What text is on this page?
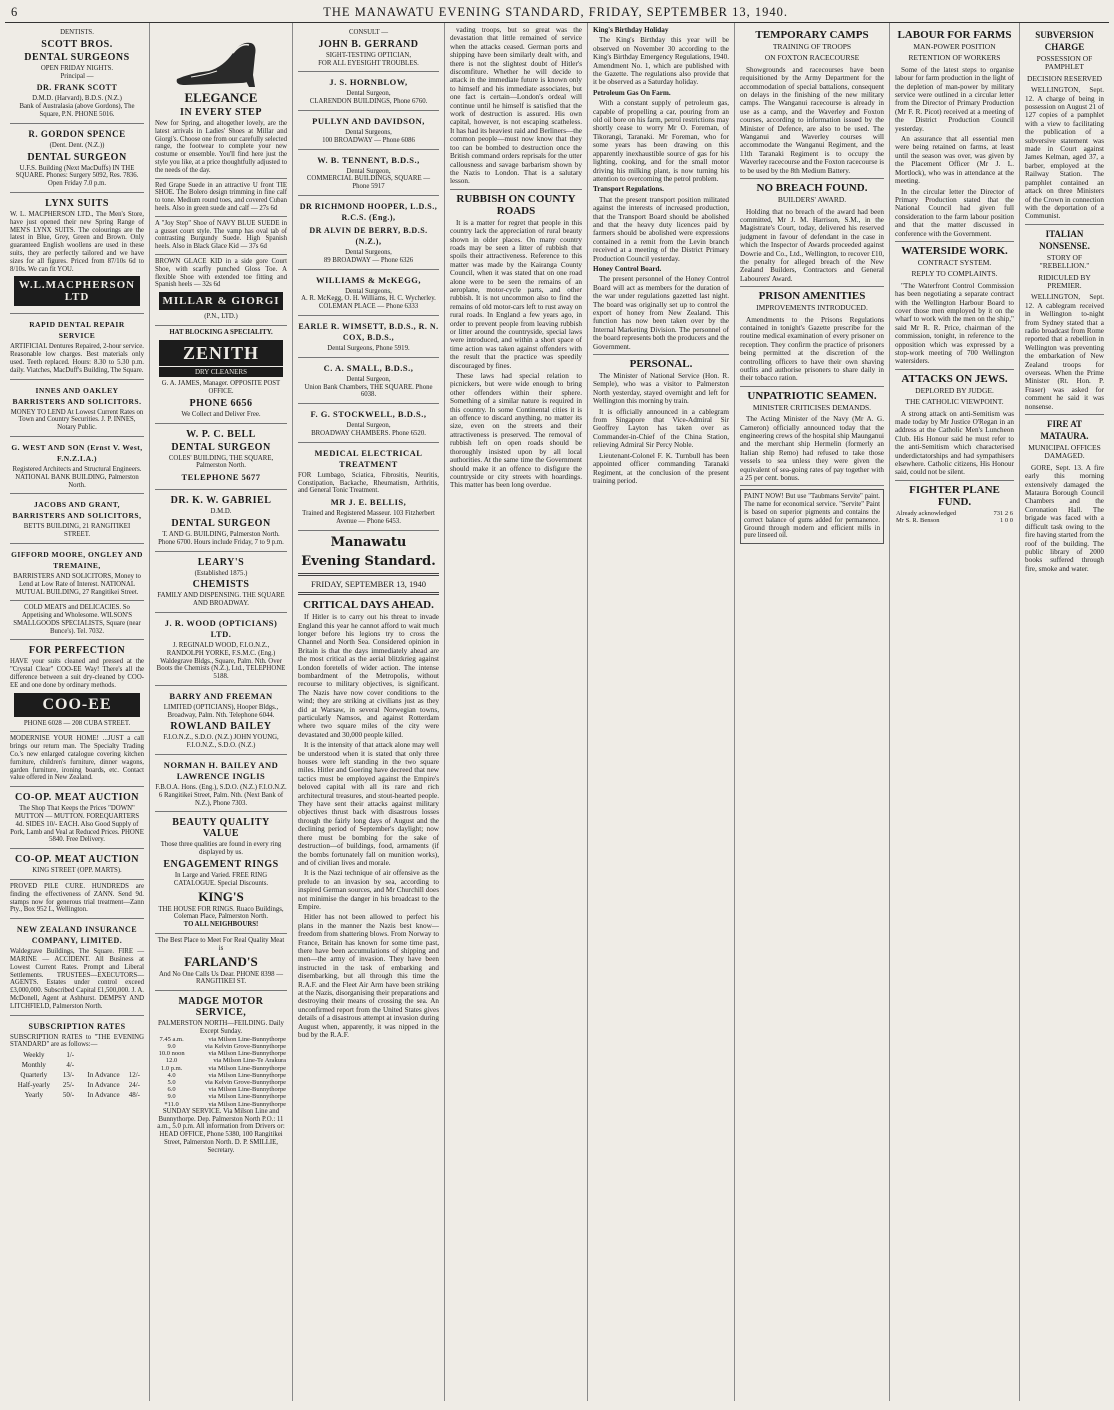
6	THE MANAWATU EVENING STANDARD, FRIDAY, SEPTEMBER 13, 1940.
DENTISTS.
SCOTT BROS.
DENTAL SURGEONS
OPEN FRIDAY NIGHTS.
Principal —
DR. FRANK SCOTT
D.M.D. (Harvard), B.D.S. (N.Z.)
Bank of Australasia (above Gordons), The Square, P.N. PHONE 5016.
R. GORDON SPENCE
(Dent. Dent. (N.Z.))
DENTAL SURGEON
U.F.S. Building (Next MacDuffs) IN THE SQUARE. Phones: Surgery 5092, Res. 7836. Open Friday 7.0 p.m.
LYNX SUITS
W. L. MACPHERSON LTD., The Men's Store, have just opened their new Spring Range of MEN'S LYNX SUITS. The colourings are the latest in Blue, Grey, Green and Brown. Only guaranteed English woollens are used in these suits, they are perfectly tailored and we have sizes for all figures. Priced from 87/10s 6d to 8/10s. We can fit YOU.
W.L.MACPHERSON LTD
RAPID DENTAL REPAIR SERVICE
ARTIFICIAL Dentures Repaired, 2-hour service. Reasonable low charges. Best materials only used. Teeth replaced. Hours: 8.30 to 5.30 p.m. daily. Viatches, MacDuff's Building, The Square.
INNES AND OAKLEY BARRISTERS AND SOLICITORS.
MONEY TO LEND At Lowest Current Rates on Town and Country Securities. J. P. INNES, Notary Public.
G. WEST AND SON (Ernst V. West, F.N.Z.I.A.)
Registered Architects and Structural Engineers. NATIONAL BANK BUILDING, Palmerston North.
JACOBS AND GRANT, BARRISTERS AND SOLICITORS,
BETTS BUILDING, 21 RANGITIKEI STREET.
GIFFORD MOORE, ONGLEY AND TREMAINE,
BARRISTERS AND SOLICITORS, Money to Lend at Low Rate of Interest. NATIONAL MUTUAL BUILDING, 27 Rangitikei Street.
COLD MEATS and DELICACIES. So Appetising and Wholesome. WILSON'S SMALLGOODS SPECIALISTS, Square (near Bunce's). Tel. 7032.
FOR PERFECTION
HAVE your suits cleaned and pressed at the "Crystal Clear" COO-EE Way! There's all the difference between a suit dry-cleaned by COO-EE and one done by ordinary methods.
COO-EE
PHONE 6028 — 208 CUBA STREET.
MODERNISE YOUR HOME! ...JUST a call brings our return man. The Specialty Trading Co.'s new enlarged catalogue covering kitchen furniture, children's furniture, dinner wagons, garden furniture, ironing boards, etc. Contact value offered in New Zealand.
CO-OP. MEAT AUCTION
The Shop That Keeps the Prices "DOWN" MUTTON — MUTTON. FOREQUARTERS 4d. SIDES 10/- EACH. Also Good Supply of Pork, Lamb and Veal at Reduced Prices. PHONE 5840. Free Delivery.
CO-OP. MEAT AUCTION
KING STREET (OPP. MARTS).
PROVED PILE CURE. HUNDREDS are finding the effectiveness of ZANN. Send 9d. stamps now for generous trial treatment—Zann Pty., Box 952 L, Wellington.
NEW ZEALAND INSURANCE COMPANY, LIMITED.
Waldegrave Buildings, The Square. FIRE — MARINE — ACCIDENT. All Business at Lowest Current Rates. Prompt and Liberal Settlements. TRUSTEES—EXECUTORS—AGENTS. Estates under control exceed £3,000,000. Subscribed Capital £1,500,000. J. A. McDonell, Agent at Ashhurst. DEMPSY AND LITCHFIELD, Palmerston North.
SUBSCRIPTION RATES
SUBSCRIPTION RATES to "THE EVENING STANDARD" are as follows:—
Weekly	1/-		
Monthly	4/-		
Quarterly	13/-	In Advance	12/-
Half-yearly	25/-	In Advance	24/-
Yearly	50/-	In Advance	48/-
ELEGANCE
IN EVERY STEP
New for Spring, and altogether lovely, are the latest arrivals in Ladies' Shoes at Millar and Giorgi's. Choose one from our carefully selected range, the footwear to complete your new costume or ensemble. You'll find here just the style you like, at a price thoughtfully adjusted to the needs of the day.
Red Grape Suede in an attractive U front TIE SHOE. The Bolero design trimming in fine calf to tone. Medium round toes, and covered Cuban heels. Also in green suede and calf — 27s 6d
A "Joy Step" Shoe of NAVY BLUE SUEDE in a gusset court style. The vamp has oval tab of contrasting Burgundy Suede. High Spanish heels. Also in Black Glace Kid — 37s 6d
BROWN GLACE KID in a side gore Court Shoe, with scarfly punched Gloss Toe. A flexible Shoe with extended toe fitting and Spanish heels — 32s 6d
MILLAR & GIORGI
(P.N., LTD.)
HAT BLOCKING A SPECIALITY.
ZENITH
DRY CLEANERS
G. A. JAMES, Manager. OPPOSITE POST OFFICE.
PHONE 6656
We Collect and Deliver Free.
W. P. C. BELL
DENTAL SURGEON
COLES' BUILDING, THE SQUARE, Palmerston North.
TELEPHONE 5677
DR. K. W. GABRIEL
D.M.D.
DENTAL SURGEON
T. AND G. BUILDING, Palmerston North. Phone 6700. Hours include Friday, 7 to 9 p.m.
LEARY'S
(Established 1875.)
CHEMISTS
FAMILY AND DISPENSING. THE SQUARE AND BROADWAY.
J. R. WOOD (OPTICIANS) LTD.
J. REGINALD WOOD, F.I.O.N.Z., RANDOLPH YORKE, F.S.M.C. (Eng.) Waldegrave Bldgs., Square, Palm. Nth. Over Boots the Chemists (N.Z.), Ltd., TELEPHONE 5188.
BARRY AND FREEMAN
LIMITED (OPTICIANS), Hooper Bldgs., Broadway, Palm. Nth. Telephone 6044.
ROWLAND BAILEY
F.I.O.N.Z., S.D.O. (N.Z.) JOHN YOUNG, F.I.O.N.Z., S.D.O. (N.Z.)
NORMAN H. BAILEY AND LAWRENCE INGLIS
F.B.O.A. Hons. (Eng.), S.D.O. (N.Z.) F.I.O.N.Z. 6 Rangitikei Street, Palm. Nth. (Next Bank of N.Z.), Phone 7303.
BEAUTY QUALITY VALUE
Those three qualities are found in every ring displayed by us.
ENGAGEMENT RINGS
In Large and Varied. FREE RING CATALOGUE. Special Discounts.
KING'S
THE HOUSE FOR RINGS. Ruaco Buildings, Coleman Place, Palmerston North.
TO ALL NEIGHBOURS!
The Best Place to Meet For Real Quality Meat is
FARLAND'S
And No One Calls Us Dear. PHONE 8398 — RANGITIKEI ST.
MADGE MOTOR SERVICE,
PALMERSTON NORTH—FEILDING. Daily Except Sunday.
7.45 a.m.	via Milson Line-Bunnythorpe
9.0	via Kelvin Grove-Bunnythorpe
10.0 noon	via Milson Line-Bunnythorpe
12.0	via Milson Line-Te Arakura
1.0 p.m.	via Milson Line-Bunnythorpe
4.0	via Milson Line-Bunnythorpe
5.0	via Kelvin Grove-Bunnythorpe
6.0	via Milson Line-Bunnythorpe
9.0	via Milson Line-Bunnythorpe
*11.0	via Milson Line-Bunnythorpe
SUNDAY SERVICE. Via Milson Line and Bunnythorpe. Dep. Palmerston North P.O.: 11 a.m., 5.0 p.m. All information from Drivers or: HEAD OFFICE, Phone 5380, 100 Rangitikei Street, Palmerston North. D. P. SMILLIE, Secretary.
CONSULT —
JOHN B. GERRAND
SIGHT-TESTING OPTICIAN,
FOR ALL EYESIGHT TROUBLES.
J. S. HORNBLOW,
Dental Surgeon,
CLARENDON BUILDINGS, Phone 6760.
PULLYN AND DAVIDSON,
Dental Surgeons,
100 BROADWAY — Phone 6086
W. B. TENNENT, B.D.S.,
Dental Surgeon,
COMMERCIAL BUILDINGS, SQUARE — Phone 5917
DR RICHMOND HOOPER, L.D.S., R.C.S. (Eng.),
DR ALVIN DE BERRY, B.D.S. (N.Z.),
Dental Surgeons,
89 BROADWAY — Phone 6326
WILLIAMS & McKEGG,
Dental Surgeons,
A. R. McKegg, O. H. Williams, H. C. Wycherley. COLEMAN PLACE — Phone 6333
EARLE R. WIMSETT, B.D.S., R. N. COX, B.D.S.,
Dental Surgeons, Phone 5919.
C. A. SMALL, B.D.S.,
Dental Surgeon,
Union Bank Chambers, THE SQUARE. Phone 6038.
F. G. STOCKWELL, B.D.S.,
Dental Surgeon,
BROADWAY CHAMBERS. Phone 6520.
MEDICAL ELECTRICAL TREATMENT
FOR Lumbago, Sciatica, Fibrositis, Neuritis, Constipation, Backache, Rheumatism, Arthritis, and General Tonic Treatment.
MR J. E. BELLIS,
Trained and Registered Masseur. 103 Fitzherbert Avenue — Phone 6453.
Manawatu
Evening Standard.
FRIDAY, SEPTEMBER 13, 1940
CRITICAL DAYS AHEAD.

If Hitler is to carry out his threat to invade England this year he cannot afford to wait much longer before his legions try to cross the Channel and North Sea. Considered opinion in Britain is that the days immediately ahead are the most critical as the aerial blitzkrieg against London foretells of wider action. The intense bombardment of the Metropolis, without recourse to military objectives, is significant. The Nazis have now cover conditions to the wind; they are striking at civilians just as they did at Warsaw, in several Norwegian towns, particularly Namsos, and against Rotterdam where two square miles of the city were devastated and 30,000 people killed.

It is the intensity of that attack alone may well be understood when it is stated that only three houses were left standing in the two square miles. Hitler and Goering have decreed that new tactics must be employed against the Empire's beloved capital with all its rare and rich architectural treasures, and stout-hearted people. They have sent their attacks against military objectives thrust back with disastrous losses through the fairly long days of August and the declining period of September's daylight; now there must be bombing for the sake of destruction—of buildings, food, armaments (if the bombs fortunately fall on munition works), and of civilian lives and morale.

It is the Nazi technique of air offensive as the prelude to an invasion by sea, according to inspired German sources, and Mr Churchill does not minimise the danger in his broadcast to the Empire.

Hitler has not been allowed to perfect his plans in the manner the Nazis best know—freedom from shattering blows. From Norway to France, Britain has known for some time past, there have been accumulations of shipping and men—the army of invasion. They have been instructed in the task of embarking and disembarking, but all through this time the R.A.F. and the Fleet Air Arm have been striking at the Nazis, disorganising their preparations and destroying their means of crossing the sea. An unconfirmed report from the United States gives details of a disastrous attempt at invasion during August when, apparently, it was nipped in the bud by the R.A.F.

vading troops, but so great was the devastation that little remained of service when the attacks ceased. German ports and shipping have been similarly dealt with, and there is not the slightest doubt of Hitler's discomfiture. Whether he will decide to attack in the immediate future is known only to himself and his immediate associates, but one fact is certain—London's ordeal will continue until he himself is satisfied that the work of destruction is assured. His own capital, however, is not escaping scatheless. It has had its heaviest raid and Berliners—the common people—must now know that they too can be bombed to destruction once the British command orders reprisals for the utter callousness and savage barbarism shown by the Nazis to London. That is a salutary lesson.

RUBBISH ON COUNTY ROADS

It is a matter for regret that people in this country lack the appreciation of rural beauty shown in older places. On many country roads may be seen a litter of rubbish that spoils their attractiveness. Reference to this matter was made by the Kairanga County Council, when it was stated that on one road alone were to be seen the remains of an aeroplane, motor-cycle parts, and other rubbish. It is not uncommon also to find the remains of old motor-cars left to rust away on rural roads. In England a few years ago, in order to prevent people from leaving rubbish or litter around the countryside, special laws were introduced, and within a short space of time action was taken against offenders with the result that the practice was speedily discouraged by fines.

These laws had special relation to picnickers, but were wide enough to bring other offenders within their sphere. Something of a similar nature is required in this country. In some Continental cities it is an offence to discard anything, no matter its size, even on the streets and their attractiveness is preserved. The removal of rubbish left on open roads should be thoroughly insisted upon by all local authorities. At the same time the Government should make it an offence to disfigure the countryside or city streets with hoardings. This matter has been long overdue.

King's Birthday Holiday

The King's Birthday this year will be observed on November 30 according to the King's Birthday Emergency Regulations, 1940. Amendment No. 1, which are published with the Gazette. The regulations also provide that it be observed as a Saturday holiday.

Petroleum Gas On Farm.

With a constant supply of petroleum gas, capable of propelling a car, pouring from an old oil bore on his farm, petrol restrictions may shortly cease to worry Mr O. Foreman, of Tikorangi, Taranaki. Mr Foreman, who for some years has been drawing on this apparently inexhaustible source of gas for his lighting, cooking, and for the small motor driving his milking plant, is now turning his attention to overcoming the petrol problem.

Transport Regulations.

That the present transport position militated against the interests of increased production, that the Transport Board should be abolished and that the heavy duty licences paid by farmers should be abolished were expressions contained in a remit from the Levin branch received at a meeting of the District Primary Production Council yesterday.

Honey Control Board.

The present personnel of the Honey Control Board will act as members for the duration of the war under regulations gazetted last night. The board was originally set up to control the export of honey from New Zealand. This function has now been taken over by the Internal Marketing Division. The personnel of the board represents both the producers and the Government.

PERSONAL.

The Minister of National Service (Hon. R. Semple), who was a visitor to Palmerston North yesterday, stayed overnight and left for Wellington this morning by train.

It is officially announced in a cablegram from Singapore that Vice-Admiral Sir Geoffrey Layton has taken over as Commander-in-Chief of the China Station, relieving Admiral Sir Percy Noble.

Lieutenant-Colonel F. K. Turnbull has been appointed officer commanding Taranaki Regiment, at the conclusion of the present training period.

TEMPORARY CAMPS
TRAINING OF TROOPS
ON FOXTON RACECOURSE

Showgrounds and racecourses have been requisitioned by the Army Department for the accommodation of special battalions, consequent on delays in the finishing of the new military camps. The Wanganui racecourse is already in use as a camp, and the Waverley and Foxton courses, according to information issued by the Minister of Defence, are also to be used. The Wanganui and Waverley courses will accommodate the Wanganui Regiment, and the 11th Taranaki Regiment is to occupy the Waverley racecourse and the Foxton racecourse is to be used by the 8th Medium Battery.

NO BREACH FOUND.
BUILDERS' AWARD.

Holding that no breach of the award had been committed, Mr J. M. Harrison, S.M., in the Magistrate's Court, today, delivered his reserved judgment in favour of defendant in the case in which the Inspector of Awards proceeded against Dowrie and Co., Ltd., Wellington, to recover £10, the penalty for alleged breach of the New Zealand Builders, Contractors and General Labourers' Award.

PRISON AMENITIES
IMPROVEMENTS INTRODUCED.

Amendments to the Prisons Regulations contained in tonight's Gazette prescribe for the routine medical examination of every prisoner on reception. They confirm the practice of prisoners being permitted at the discretion of the controlling officers to have their own shaving outfits and authorise prisoners to share daily in their tobacco ration.

UNPATRIOTIC SEAMEN.
MINISTER CRITICISES DEMANDS.

The Acting Minister of the Navy (Mr A. G. Cameron) officially announced today that the engineering crews of the hospital ship Maunganui and the merchant ship Hermelin (formerly an Italian ship Remo) had refused to take those vessels to sea unless they were given the equivalent of sea-going rates of pay together with a 25 per cent. bonus.

PAINT NOW! But use "Taubmans Servite" paint. The name for economical service. "Servite" Paint is based on superior pigments and contains the correct balance of gums added for permanence. Ground through modern and efficient mills in pure linseed oil.
LABOUR FOR FARMS
MAN-POWER POSITION
RETENTION OF WORKERS

Some of the latest steps to organise labour for farm production in the light of the depletion of man-power by military service were outlined in a circular letter from the Director of Primary Production (Mr F. R. Picot) received at a meeting of the District Production Council yesterday.

An assurance that all essential men were being retained on farms, at least until the season was over, was given by the Placement Officer (Mr J. L. Mortlock), who was in attendance at the meeting.

In the circular letter the Director of Primary Production stated that the National Council had given full consideration to the farm labour position and that the matter discussed in conference with the Government.

WATERSIDE WORK.
CONTRACT SYSTEM.
REPLY TO COMPLAINTS.

"The Waterfront Control Commission has been negotiating a separate contract with the Wellington Harbour Board to cover those men employed by it on the wharf to work with the men on the ship," said Mr R. R. Price, chairman of the commission, tonight, in reference to the opposition which was expressed by a stop-work meeting of 700 Wellington watersiders.

ATTACKS ON JEWS.
DEPLORED BY JUDGE.
THE CATHOLIC VIEWPOINT.

A strong attack on anti-Semitism was made today by Mr Justice O'Regan in an address at the Catholic Men's Luncheon Club. His Honour said he must refer to the anti-Semitism which characterised underdictatorships and had sympathisers elsewhere. Catholic citizens, His Honour said, could not be silent.

FIGHTER PLANE FUND.
Already acknowledged	731 2 6
Mr S. R. Benson	1 0 0
SUBVERSION CHARGE
POSSESSION OF PAMPHLET
DECISION RESERVED

WELLINGTON, Sept. 12. A charge of being in possession on August 21 of 127 copies of a pamphlet with a view to facilitating the publication of a subversive statement was made in Court against James Kelman, aged 37, a barber, employed at the Railway Station. The pamphlet contained an attack on three Ministers of the Crown in connection with the deportation of a Communist.

ITALIAN NONSENSE.
STORY OF "REBELLION."
RIDICULED BY PREMIER.

WELLINGTON, Sept. 12. A cablegram received in Wellington to-night from Sydney stated that a radio broadcast from Rome reported that a rebellion in Wellington was preventing the embarkation of New Zealand troops for overseas. When the Prime Minister (Rt. Hon. P. Fraser) was asked for comment he said it was nonsense.

FIRE AT MATAURA.
MUNICIPAL OFFICES DAMAGED.

GORE, Sept. 13. A fire early this morning extensively damaged the Mataura Borough Council Chambers and the Coronation Hall. The brigade was faced with a difficult task owing to the fire having started from the roof of the building. The public library of 2000 books suffered through fire, smoke and water.
